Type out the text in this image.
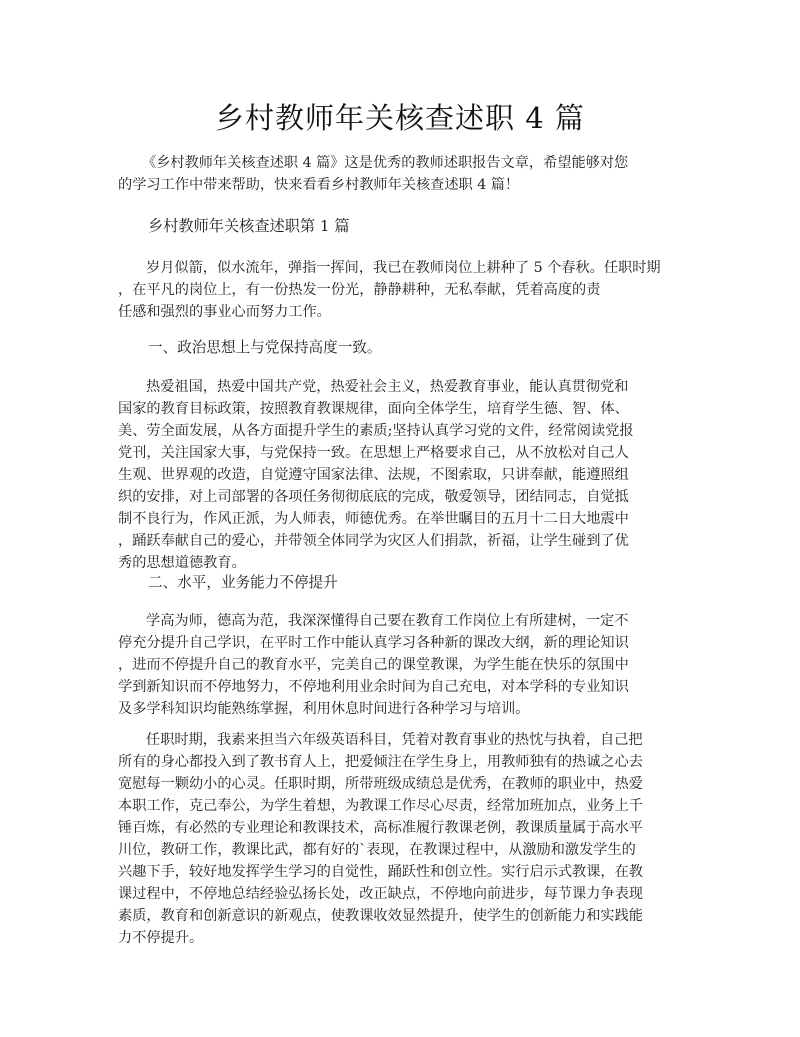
乡村教师年关核查述职 4 篇
《乡村教师年关核查述职 4 篇》这是优秀的教师述职报告文章，希望能够对您
的学习工作中带来帮助，快来看看乡村教师年关核查述职 4 篇！
乡村教师年关核查述职第 1 篇
岁月似箭，似水流年，弹指一挥间，我已在教师岗位上耕种了 5 个春秋。任职时期
，在平凡的岗位上，有一份热发一份光，静静耕种，无私奉献，凭着高度的责
任感和强烈的事业心而努力工作。
一、政治思想上与党保持高度一致。
热爱祖国，热爱中国共产党，热爱社会主义，热爱教育事业，能认真贯彻党和
国家的教育目标政策，按照教育教课规律，面向全体学生，培育学生德、智、体、
美、劳全面发展，从各方面提升学生的素质;坚持认真学习党的文件，经常阅读党报
党刊，关注国家大事，与党保持一致。在思想上严格要求自己，从不放松对自己人
生观、世界观的改造，自觉遵守国家法律、法规，不图索取，只讲奉献，能遵照组
织的安排，对上司部署的各项任务彻彻底底的完成，敬爱领导，团结同志，自觉抵
制不良行为，作风正派，为人师表，师德优秀。在举世瞩目的五月十二日大地震中
，踊跃奉献自己的爱心，并带领全体同学为灾区人们捐款，祈福，让学生碰到了优
秀的思想道德教育。
二、水平，业务能力不停提升
学高为师，德高为范，我深深懂得自己要在教育工作岗位上有所建树，一定不
停充分提升自己学识，在平时工作中能认真学习各种新的课改大纲，新的理论知识
，进而不停提升自己的教育水平，完美自己的课堂教课，为学生能在快乐的氛围中
学到新知识而不停地努力，不停地利用业余时间为自己充电，对本学科的专业知识
及多学科知识均能熟练掌握，利用休息时间进行各种学习与培训。
任职时期，我素来担当六年级英语科目，凭着对教育事业的热忱与执着，自己把
所有的身心都投入到了教书育人上，把爱倾注在学生身上，用教师独有的热诚之心去
宽慰每一颗幼小的心灵。任职时期，所带班级成绩总是优秀，在教师的职业中，热爱
本职工作，克己奉公，为学生着想，为教课工作尽心尽责，经常加班加点，业务上千
锤百炼，有必然的专业理论和教课技术，高标准履行教课老例，教课质量属于高水平
川位，教研工作，教课比武，都有好的`表现，在教课过程中，从激励和激发学生的
兴趣下手，较好地发挥学生学习的自觉性，踊跃性和创立性。实行启示式教课，在教
课过程中，不停地总结经验弘扬长处，改正缺点，不停地向前进步，每节课力争表现
素质，教育和创新意识的新观点，使教课收效显然提升，使学生的创新能力和实践能
力不停提升。
